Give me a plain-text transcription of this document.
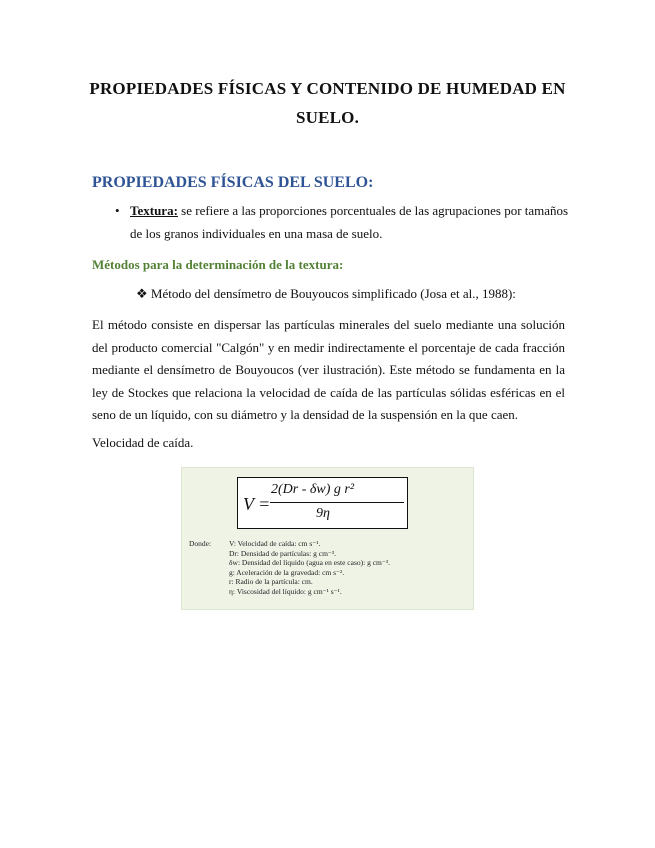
PROPIEDADES FÍSICAS Y CONTENIDO DE HUMEDAD EN
SUELO.
PROPIEDADES FÍSICAS DEL SUELO:
• Textura: se refiere a las proporciones porcentuales de las agrupaciones por tamaños de los granos individuales en una masa de suelo.
Métodos para la determinación de la textura:
❖ Método del densímetro de Bouyoucos simplificado (Josa et al., 1988):
El método consiste en dispersar las partículas minerales del suelo mediante una solución del producto comercial "Calgón" y en medir indirectamente el porcentaje de cada fracción mediante el densímetro de Bouyoucos (ver ilustración). Este método se fundamenta en la ley de Stockes que relaciona la velocidad de caída de las partículas sólidas esféricas en el seno de un líquido, con su diámetro y la densidad de la suspensión en la que caen.
Velocidad de caída.
V =
2(Dr - δw) g r²
9η
Donde: V: Velocidad de caída: cm s⁻¹.
Dr: Densidad de partículas: g cm⁻³.
δw: Densidad del líquido (agua en este caso): g cm⁻³.
g: Aceleración de la gravedad: cm s⁻².
r: Radio de la partícula: cm.
η: Viscosidad del líquido: g cm⁻¹ s⁻¹.
